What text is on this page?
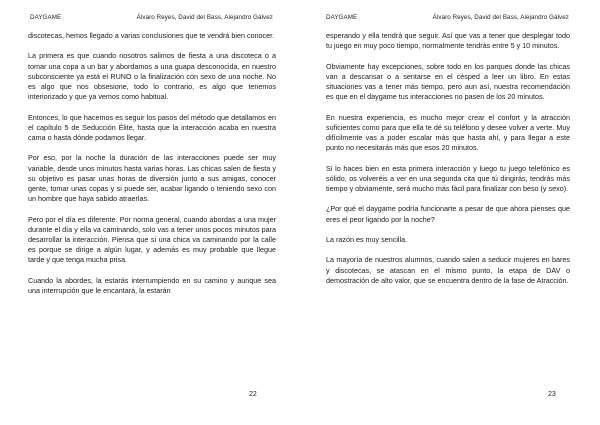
DAYGAME	Álvaro Reyes, David del Bass, Alejandro Gálvez

discotecas, hemos llegado a varias conclusiones que te vendrá bien conocer.

La primera es que cuando nosotros salimos de fiesta a una discoteca o a tomar una copa a un bar y abordamos a una guapa desconocida, en nuestro subconsciente ya está el RUNO o la finalización con sexo de una noche. No es algo que nos obsesione, todo lo contrario, es algo que tenemos interiorizado y que ya vemos como habitual.

Entonces, lo que hacemos es seguir los pasos del método que detallamos en el capítulo 5 de Seducción Élite, hasta que la interacción acaba en nuestra cama o hasta dónde podamos llegar.

Por eso, por la noche la duración de las interacciones puede ser muy variable, desde unos minutos hasta varias horas. Las chicas salen de fiesta y su objetivo es pasar unas horas de diversión junto a sus amigas, conocer gente, tomar unas copas y si puede ser, acabar ligando o teniendo sexo con un hombre que haya sabido atraerlas.

Pero por el día es diferente. Por norma general, cuando abordas a una mujer durante el día y ella va caminando, solo vas a tener unos pocos minutos para desarrollar la interacción. Piensa que si una chica va caminando por la calle es porque se dirige a algún lugar, y además es muy probable que llegue tarde y que tenga mucha prisa.

Cuando la abordes, la estarás interrumpiendo en su camino y aunque sea una interrupción que le encantará, la estarán

22
DAYGAME	Álvaro Reyes, David del Bass, Alejandro Gálvez

esperando y ella tendrá que seguir. Así que vas a tener que desplegar todo tu juego en muy poco tiempo, normalmente tendrás entre 5 y 10 minutos.

Obviamente hay excepciones, sobre todo en los parques donde las chicas van a descansar o a sentarse en el césped a leer un libro. En estas situaciones vas a tener más tiempo, pero aun así, nuestra recomendación es que en el daygame tus interacciones no pasen de los 20 minutos.

En nuestra experiencia, es mucho mejor crear el confort y la atracción suficientes como para que ella te dé su teléfono y desee volver a verte. Muy difícilmente vas a poder escalar más que hasta ahí, y para llegar a este punto no necesitarás más que esos 20 minutos.

Si lo haces bien en esta primera interacción y luego tu juego telefónico es sólido, os volveréis a ver en una segunda cita que tú dirigirás, tendrás más tiempo y obviamente, será mucho más fácil para finalizar con beso (y sexo).

¿Por qué el daygame podría funcionarte a pesar de que ahora pienses que eres el peor ligando por la noche?

La razón es muy sencilla.

La mayoría de nuestros alumnos, cuando salen a seducir mujeres en bares y discotecas, se atascan en el mismo punto, la etapa de DAV o demostración de alto valor, que se encuentra dentro de la fase de Atracción.

23
